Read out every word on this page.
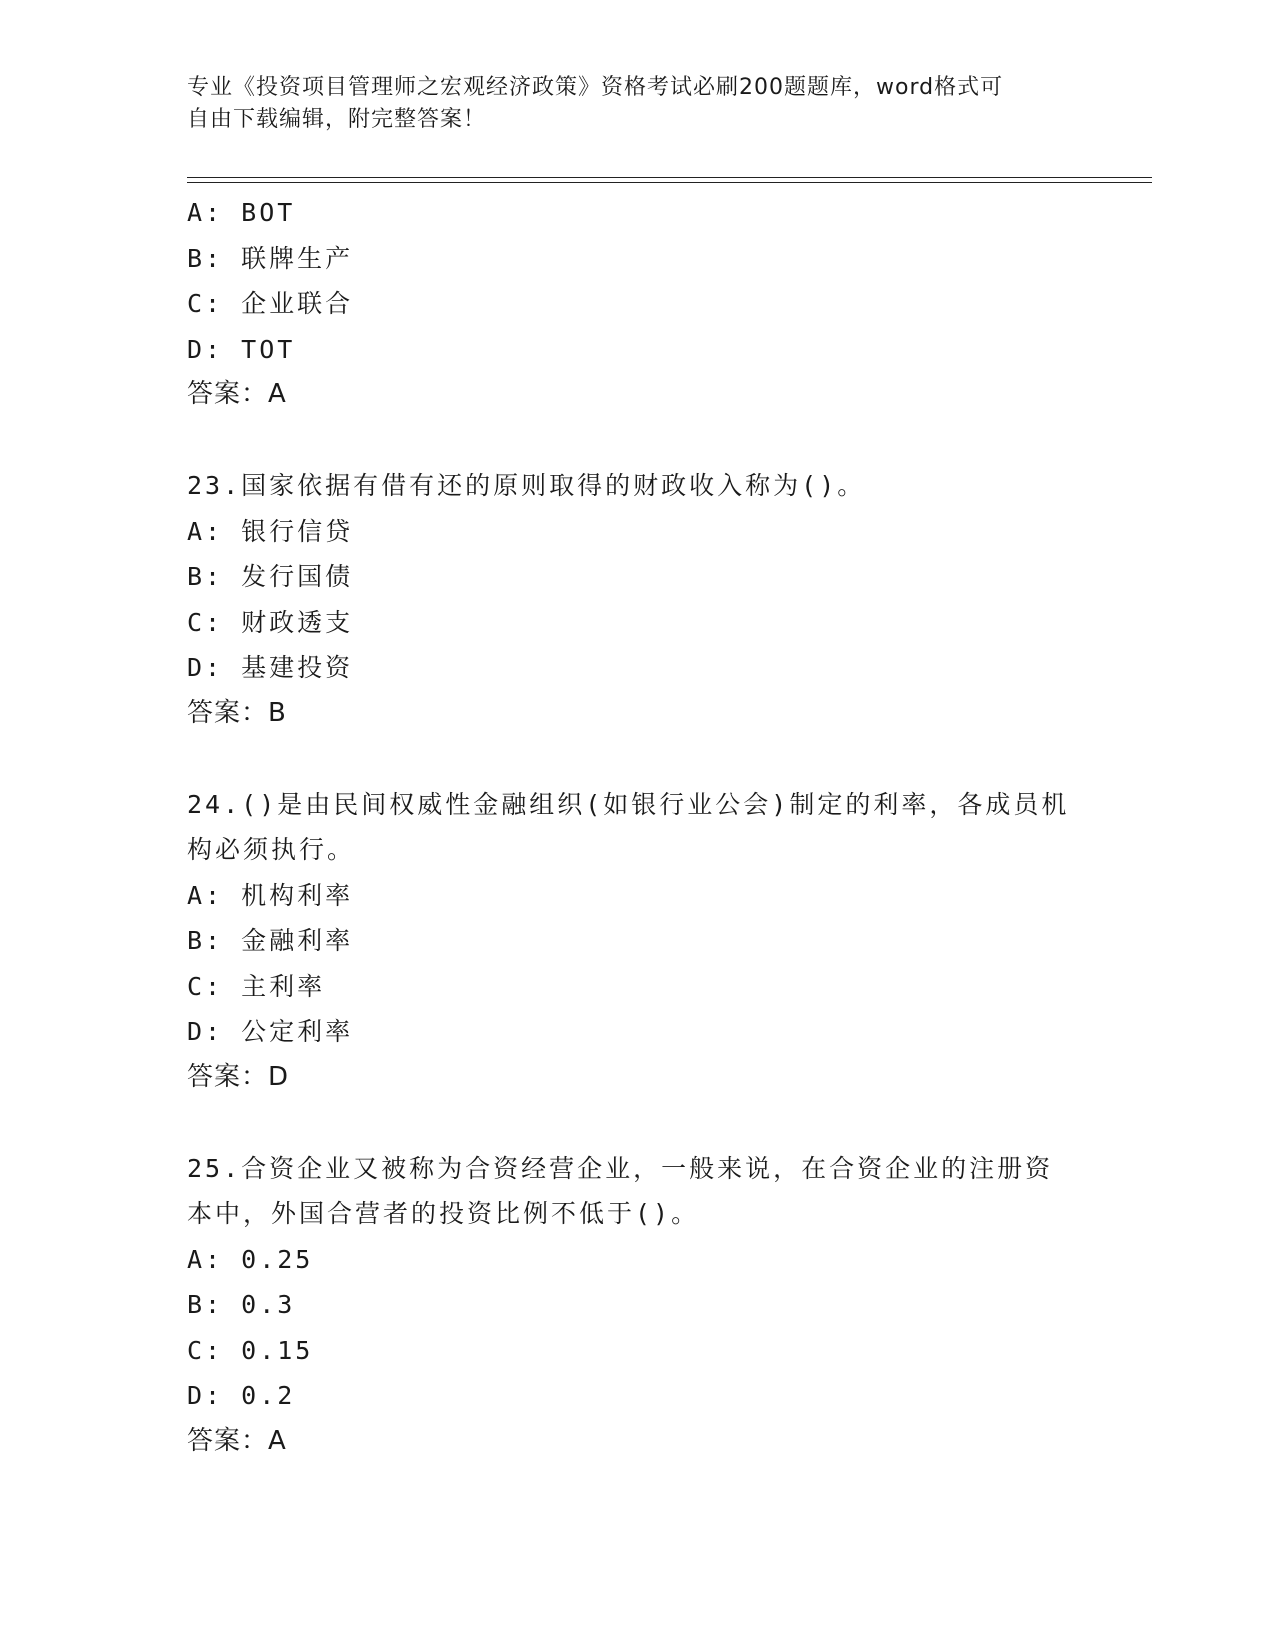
专业《投资项目管理师之宏观经济政策》资格考试必刷200题题库，word格式可
自由下载编辑，附完整答案！
A: BOT
B: 联牌生产
C: 企业联合
D: TOT
答案：A
23.国家依据有借有还的原则取得的财政收入称为()。
A: 银行信贷
B: 发行国债
C: 财政透支
D: 基建投资
答案：B
24.()是由民间权威性金融组织(如银行业公会)制定的利率，各成员机
构必须执行。
A: 机构利率
B: 金融利率
C: 主利率
D: 公定利率
答案：D
25.合资企业又被称为合资经营企业，一般来说，在合资企业的注册资
本中，外国合营者的投资比例不低于()。
A: 0.25
B: 0.3
C: 0.15
D: 0.2
答案：A
